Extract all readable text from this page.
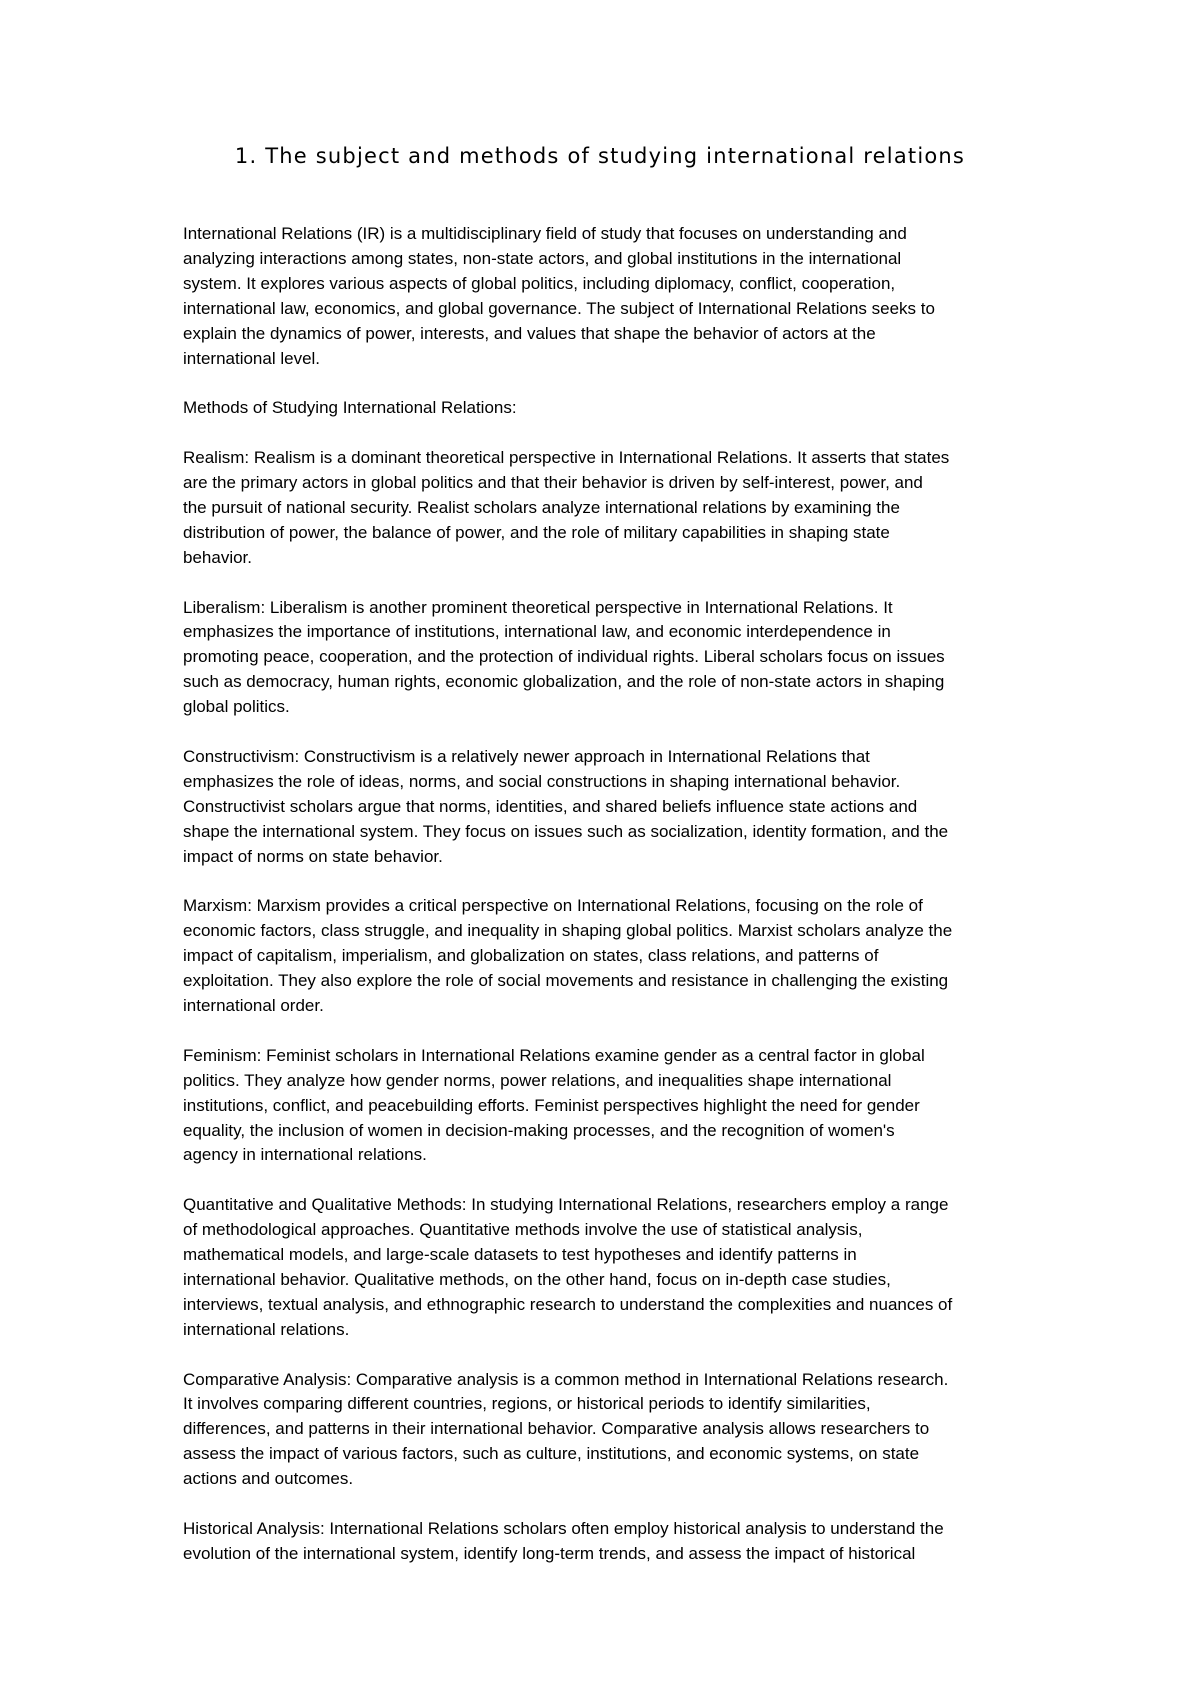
1. The subject and methods of studying international relations
International Relations (IR) is a multidisciplinary field of study that focuses on understanding and
analyzing interactions among states, non-state actors, and global institutions in the international
system. It explores various aspects of global politics, including diplomacy, conflict, cooperation,
international law, economics, and global governance. The subject of International Relations seeks to
explain the dynamics of power, interests, and values that shape the behavior of actors at the
international level.
Methods of Studying International Relations:
Realism: Realism is a dominant theoretical perspective in International Relations. It asserts that states
are the primary actors in global politics and that their behavior is driven by self-interest, power, and
the pursuit of national security. Realist scholars analyze international relations by examining the
distribution of power, the balance of power, and the role of military capabilities in shaping state
behavior.
Liberalism: Liberalism is another prominent theoretical perspective in International Relations. It
emphasizes the importance of institutions, international law, and economic interdependence in
promoting peace, cooperation, and the protection of individual rights. Liberal scholars focus on issues
such as democracy, human rights, economic globalization, and the role of non-state actors in shaping
global politics.
Constructivism: Constructivism is a relatively newer approach in International Relations that
emphasizes the role of ideas, norms, and social constructions in shaping international behavior.
Constructivist scholars argue that norms, identities, and shared beliefs influence state actions and
shape the international system. They focus on issues such as socialization, identity formation, and the
impact of norms on state behavior.
Marxism: Marxism provides a critical perspective on International Relations, focusing on the role of
economic factors, class struggle, and inequality in shaping global politics. Marxist scholars analyze the
impact of capitalism, imperialism, and globalization on states, class relations, and patterns of
exploitation. They also explore the role of social movements and resistance in challenging the existing
international order.
Feminism: Feminist scholars in International Relations examine gender as a central factor in global
politics. They analyze how gender norms, power relations, and inequalities shape international
institutions, conflict, and peacebuilding efforts. Feminist perspectives highlight the need for gender
equality, the inclusion of women in decision-making processes, and the recognition of women's
agency in international relations.
Quantitative and Qualitative Methods: In studying International Relations, researchers employ a range
of methodological approaches. Quantitative methods involve the use of statistical analysis,
mathematical models, and large-scale datasets to test hypotheses and identify patterns in
international behavior. Qualitative methods, on the other hand, focus on in-depth case studies,
interviews, textual analysis, and ethnographic research to understand the complexities and nuances of
international relations.
Comparative Analysis: Comparative analysis is a common method in International Relations research.
It involves comparing different countries, regions, or historical periods to identify similarities,
differences, and patterns in their international behavior. Comparative analysis allows researchers to
assess the impact of various factors, such as culture, institutions, and economic systems, on state
actions and outcomes.
Historical Analysis: International Relations scholars often employ historical analysis to understand the
evolution of the international system, identify long-term trends, and assess the impact of historical
